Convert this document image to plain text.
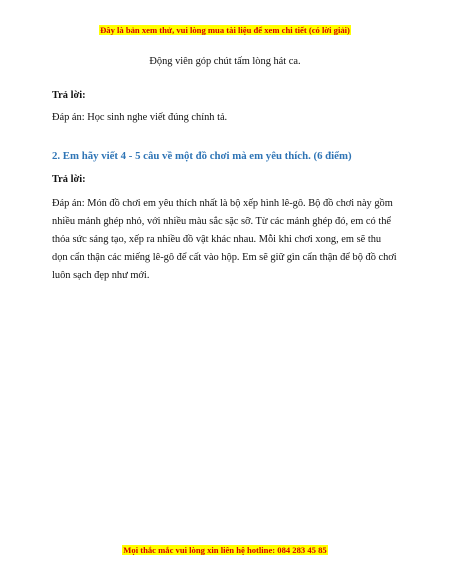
Đây là bản xem thử, vui lòng mua tài liệu để xem chi tiết (có lời giải)

Động viên góp chút tấm lòng hát ca.

Trả lời:

Đáp án: Học sinh nghe viết đúng chính tả.

2. Em hãy viết 4 - 5 câu về một đồ chơi mà em yêu thích. (6 điểm)

Trả lời:

Đáp án: Món đồ chơi em yêu thích nhất là bộ xếp hình lê-gô. Bộ đồ chơi này gồm

nhiều mảnh ghép nhỏ, với nhiều màu sắc sặc sỡ. Từ các mảnh ghép đó, em có thể

thỏa sức sáng tạo, xếp ra nhiều đồ vật khác nhau. Mỗi khi chơi xong, em sẽ thu

dọn cẩn thận các miếng lê-gô để cất vào hộp. Em sẽ giữ gìn cẩn thận để bộ đồ chơi

luôn sạch đẹp như mới.

Mọi thắc mắc vui lòng xin liên hệ hotline: 084 283 45 85
